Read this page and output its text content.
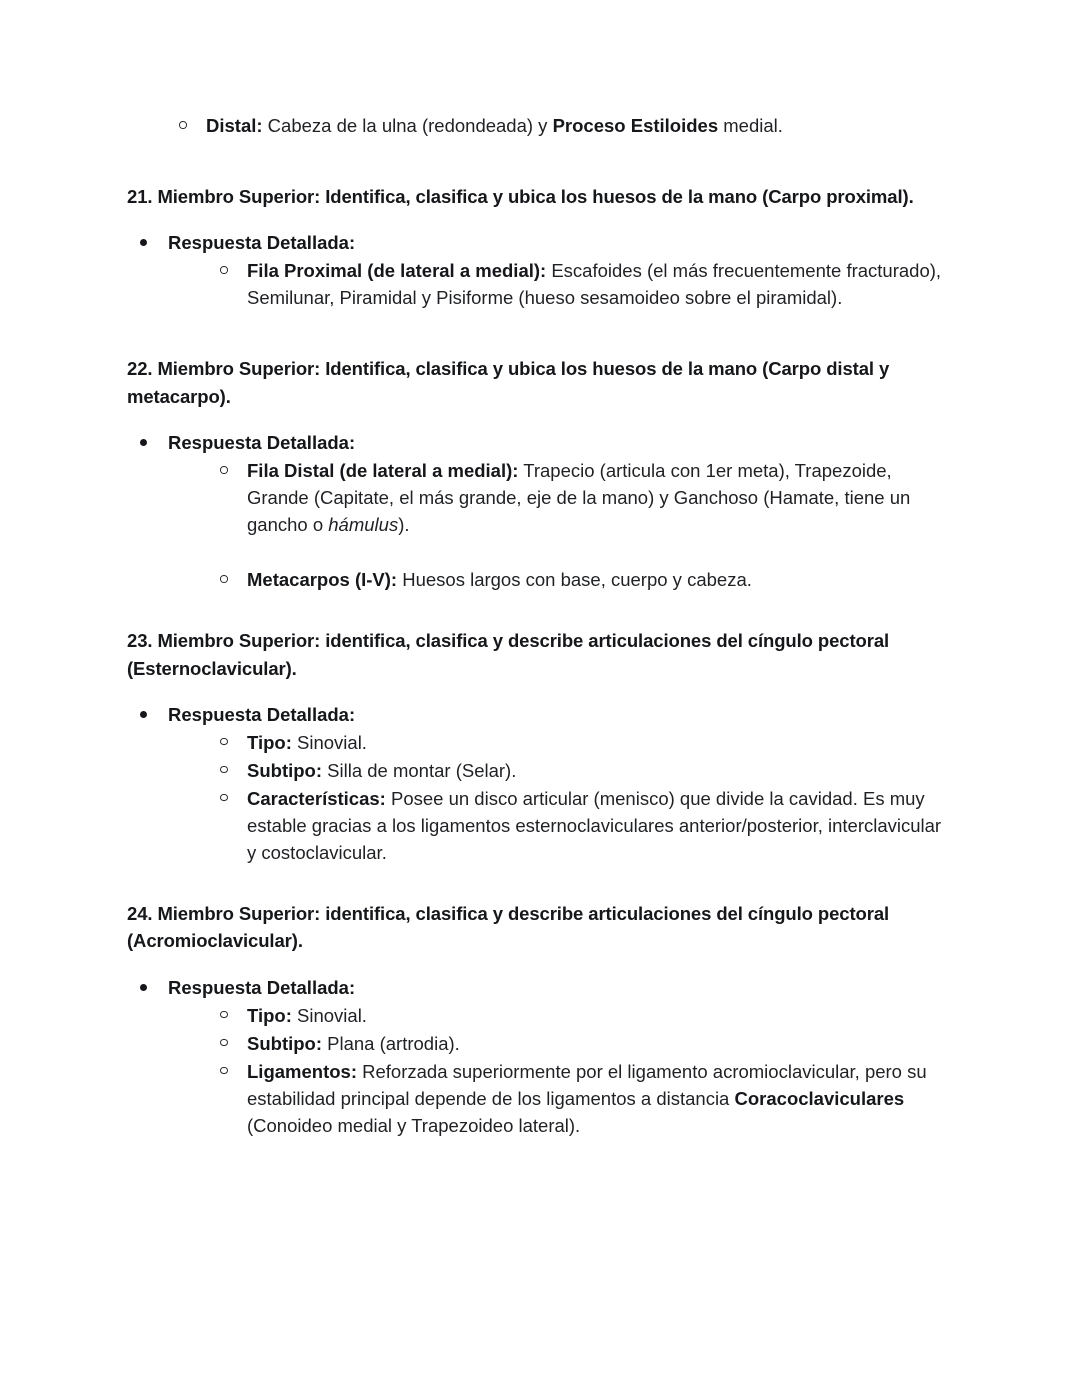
Distal: Cabeza de la ulna (redondeada) y Proceso Estiloides medial.

21. Miembro Superior: Identifica, clasifica y ubica los huesos de la mano (Carpo proximal).

Respuesta Detallada:
Fila Proximal (de lateral a medial): Escafoides (el más frecuentemente fracturado), Semilunar, Piramidal y Pisiforme (hueso sesamoideo sobre el piramidal).

22. Miembro Superior: Identifica, clasifica y ubica los huesos de la mano (Carpo distal y metacarpo).

Respuesta Detallada:
Fila Distal (de lateral a medial): Trapecio (articula con 1er meta), Trapezoide, Grande (Capitate, el más grande, eje de la mano) y Ganchoso (Hamate, tiene un gancho o hámulus).
Metacarpos (I-V): Huesos largos con base, cuerpo y cabeza.

23. Miembro Superior: identifica, clasifica y describe articulaciones del cíngulo pectoral (Esternoclavicular).

Respuesta Detallada:
Tipo: Sinovial.
Subtipo: Silla de montar (Selar).
Características: Posee un disco articular (menisco) que divide la cavidad. Es muy estable gracias a los ligamentos esternoclaviculares anterior/posterior, interclavicular y costoclavicular.

24. Miembro Superior: identifica, clasifica y describe articulaciones del cíngulo pectoral (Acromioclavicular).

Respuesta Detallada:
Tipo: Sinovial.
Subtipo: Plana (artrodia).
Ligamentos: Reforzada superiormente por el ligamento acromioclavicular, pero su estabilidad principal depende de los ligamentos a distancia Coracoclaviculares (Conoideo medial y Trapezoideo lateral).
